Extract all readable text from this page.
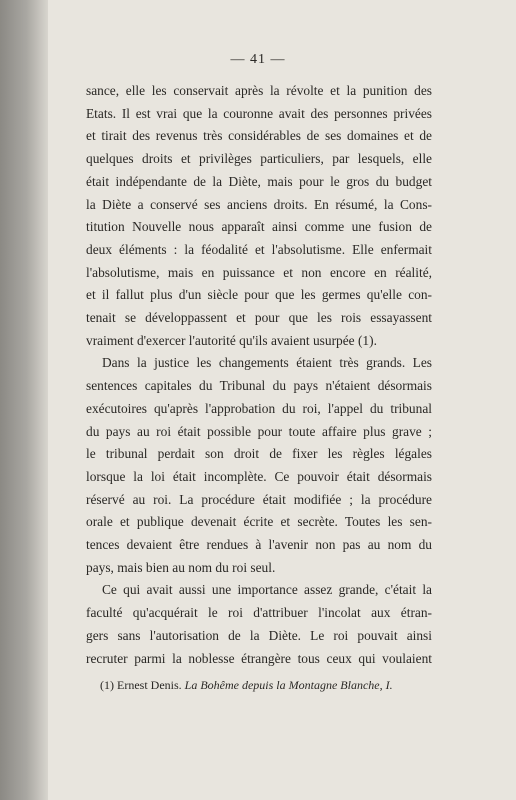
— 41 —
sance, elle les conservait après la révolte et la punition des
Etats. Il est vrai que la couronne avait des personnes privées
et tirait des revenus très considérables de ses domaines et de
quelques droits et privilèges particuliers, par lesquels, elle
était indépendante de la Diète, mais pour le gros du budget
la Diète a conservé ses anciens droits. En résumé, la Cons-
titution Nouvelle nous apparaît ainsi comme une fusion de
deux éléments : la féodalité et l'absolutisme. Elle enfermait
l'absolutisme, mais en puissance et non encore en réalité,
et il fallut plus d'un siècle pour que les germes qu'elle con-
tenait se développassent et pour que les rois essayassent
vraiment d'exercer l'autorité qu'ils avaient usurpée (1).
Dans la justice les changements étaient très grands. Les
sentences capitales du Tribunal du pays n'étaient désormais
exécutoires qu'après l'approbation du roi, l'appel du tribunal
du pays au roi était possible pour toute affaire plus grave ;
le tribunal perdait son droit de fixer les règles légales
lorsque la loi était incomplète. Ce pouvoir était désormais
réservé au roi. La procédure était modifiée ; la procédure
orale et publique devenait écrite et secrète. Toutes les sen-
tences devaient être rendues à l'avenir non pas au nom du
pays, mais bien au nom du roi seul.
Ce qui avait aussi une importance assez grande, c'était la
faculté qu'acquérait le roi d'attribuer l'incolat aux étran-
gers sans l'autorisation de la Diète. Le roi pouvait ainsi
recruter parmi la noblesse étrangère tous ceux qui voulaient
(1) Ernest Denis. La Bohême depuis la Montagne Blanche, I.
